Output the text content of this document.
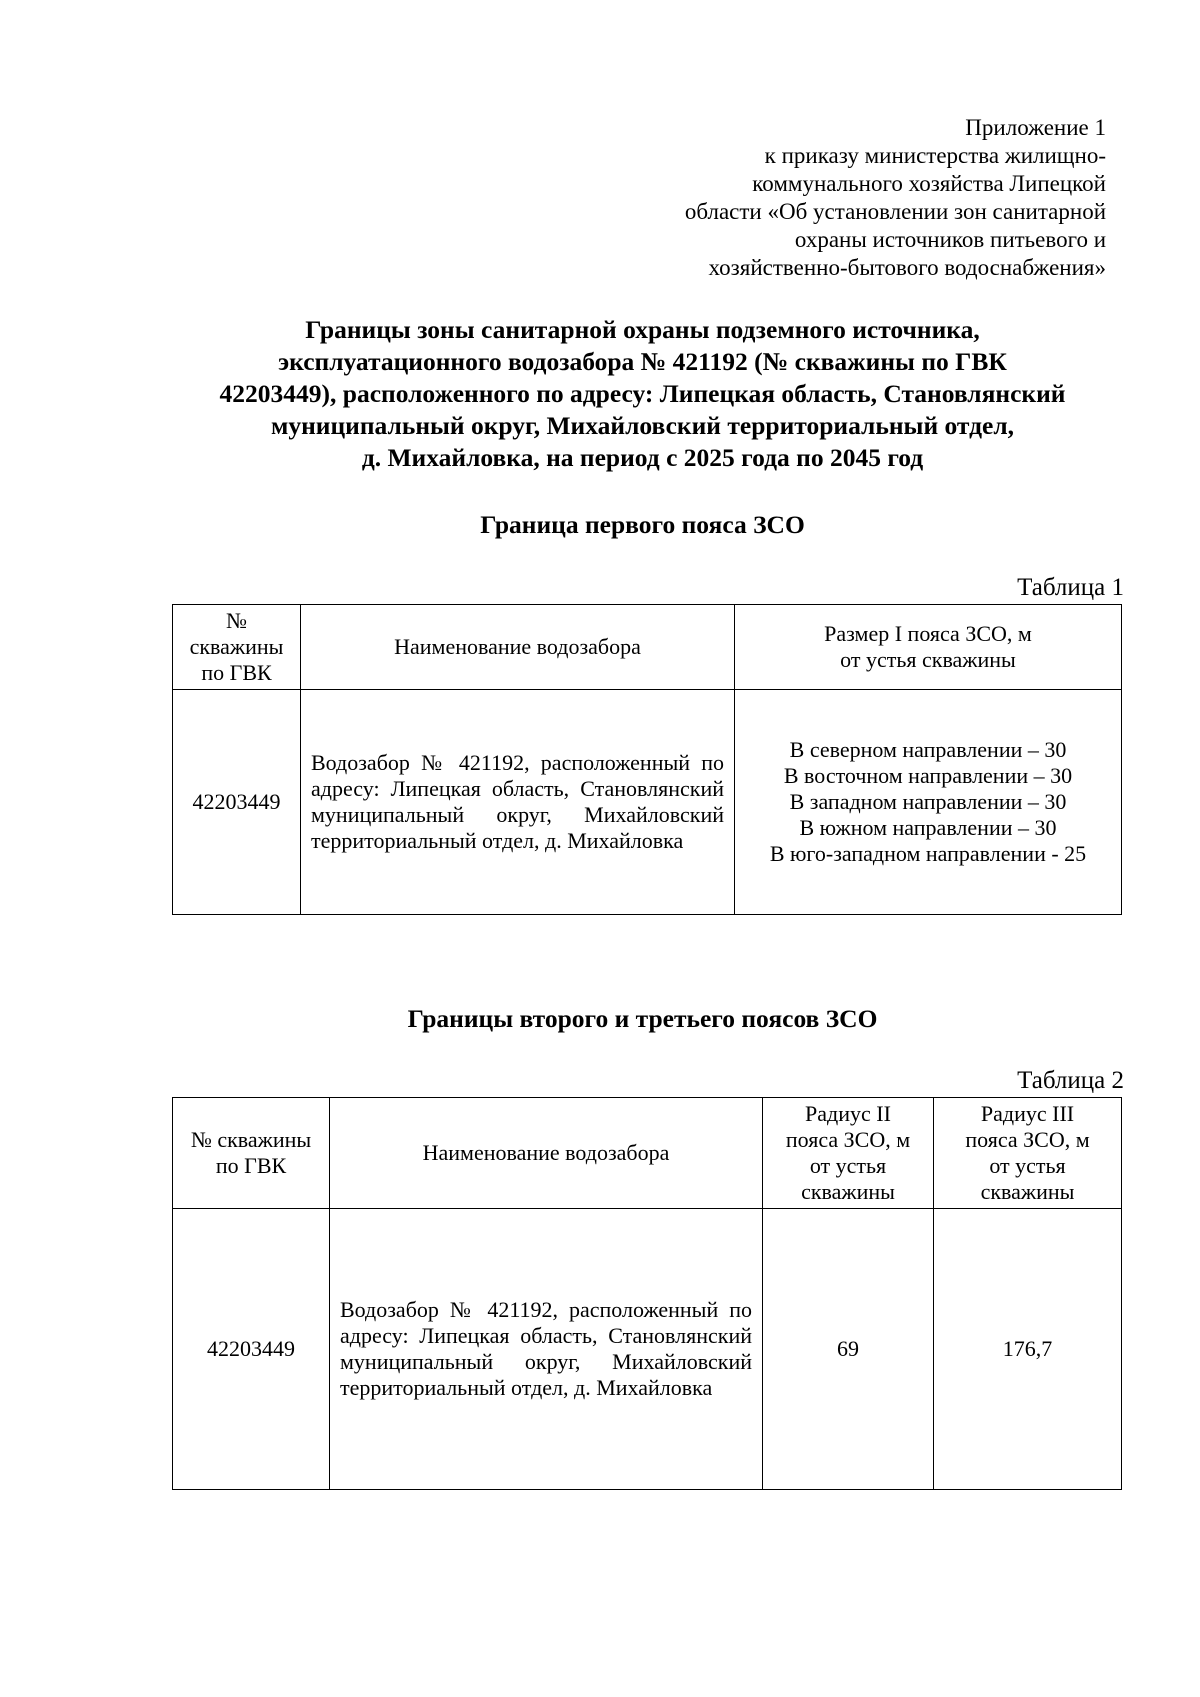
Приложение 1
к приказу министерства жилищно-
коммунального хозяйства Липецкой
области «Об установлении зон санитарной
охраны источников питьевого и
хозяйственно-бытового водоснабжения»
Границы зоны санитарной охраны подземного источника,
эксплуатационного водозабора № 421192 (№ скважины по ГВК
42203449), расположенного по адресу: Липецкая область, Становлянский
муниципальный округ, Михайловский территориальный отдел,
д. Михайловка, на период с 2025 года по 2045 год
Граница первого пояса ЗСО
Таблица 1
№
скважины
по ГВК	Наименование водозабора	Размер I пояса ЗСО, м
от устья скважины

42203449	Водозабор № 421192, расположенный по адресу: Липецкая область, Становлянский муниципальный округ, Михайловский территориальный отдел, д. Михайловка	В северном направлении – 30
В восточном направлении – 30
В западном направлении – 30
В южном направлении – 30
В юго-западном направлении - 25
Границы второго и третьего поясов ЗСО
Таблица 2
№ скважины
по ГВК	Наименование водозабора	Радиус II
пояса ЗСО, м
от устья
скважины	Радиус III
пояса ЗСО, м
от устья
скважины

42203449	Водозабор № 421192, расположенный по адресу: Липецкая область, Становлянский муниципальный округ, Михайловский территориальный отдел, д. Михайловка	69	176,7
